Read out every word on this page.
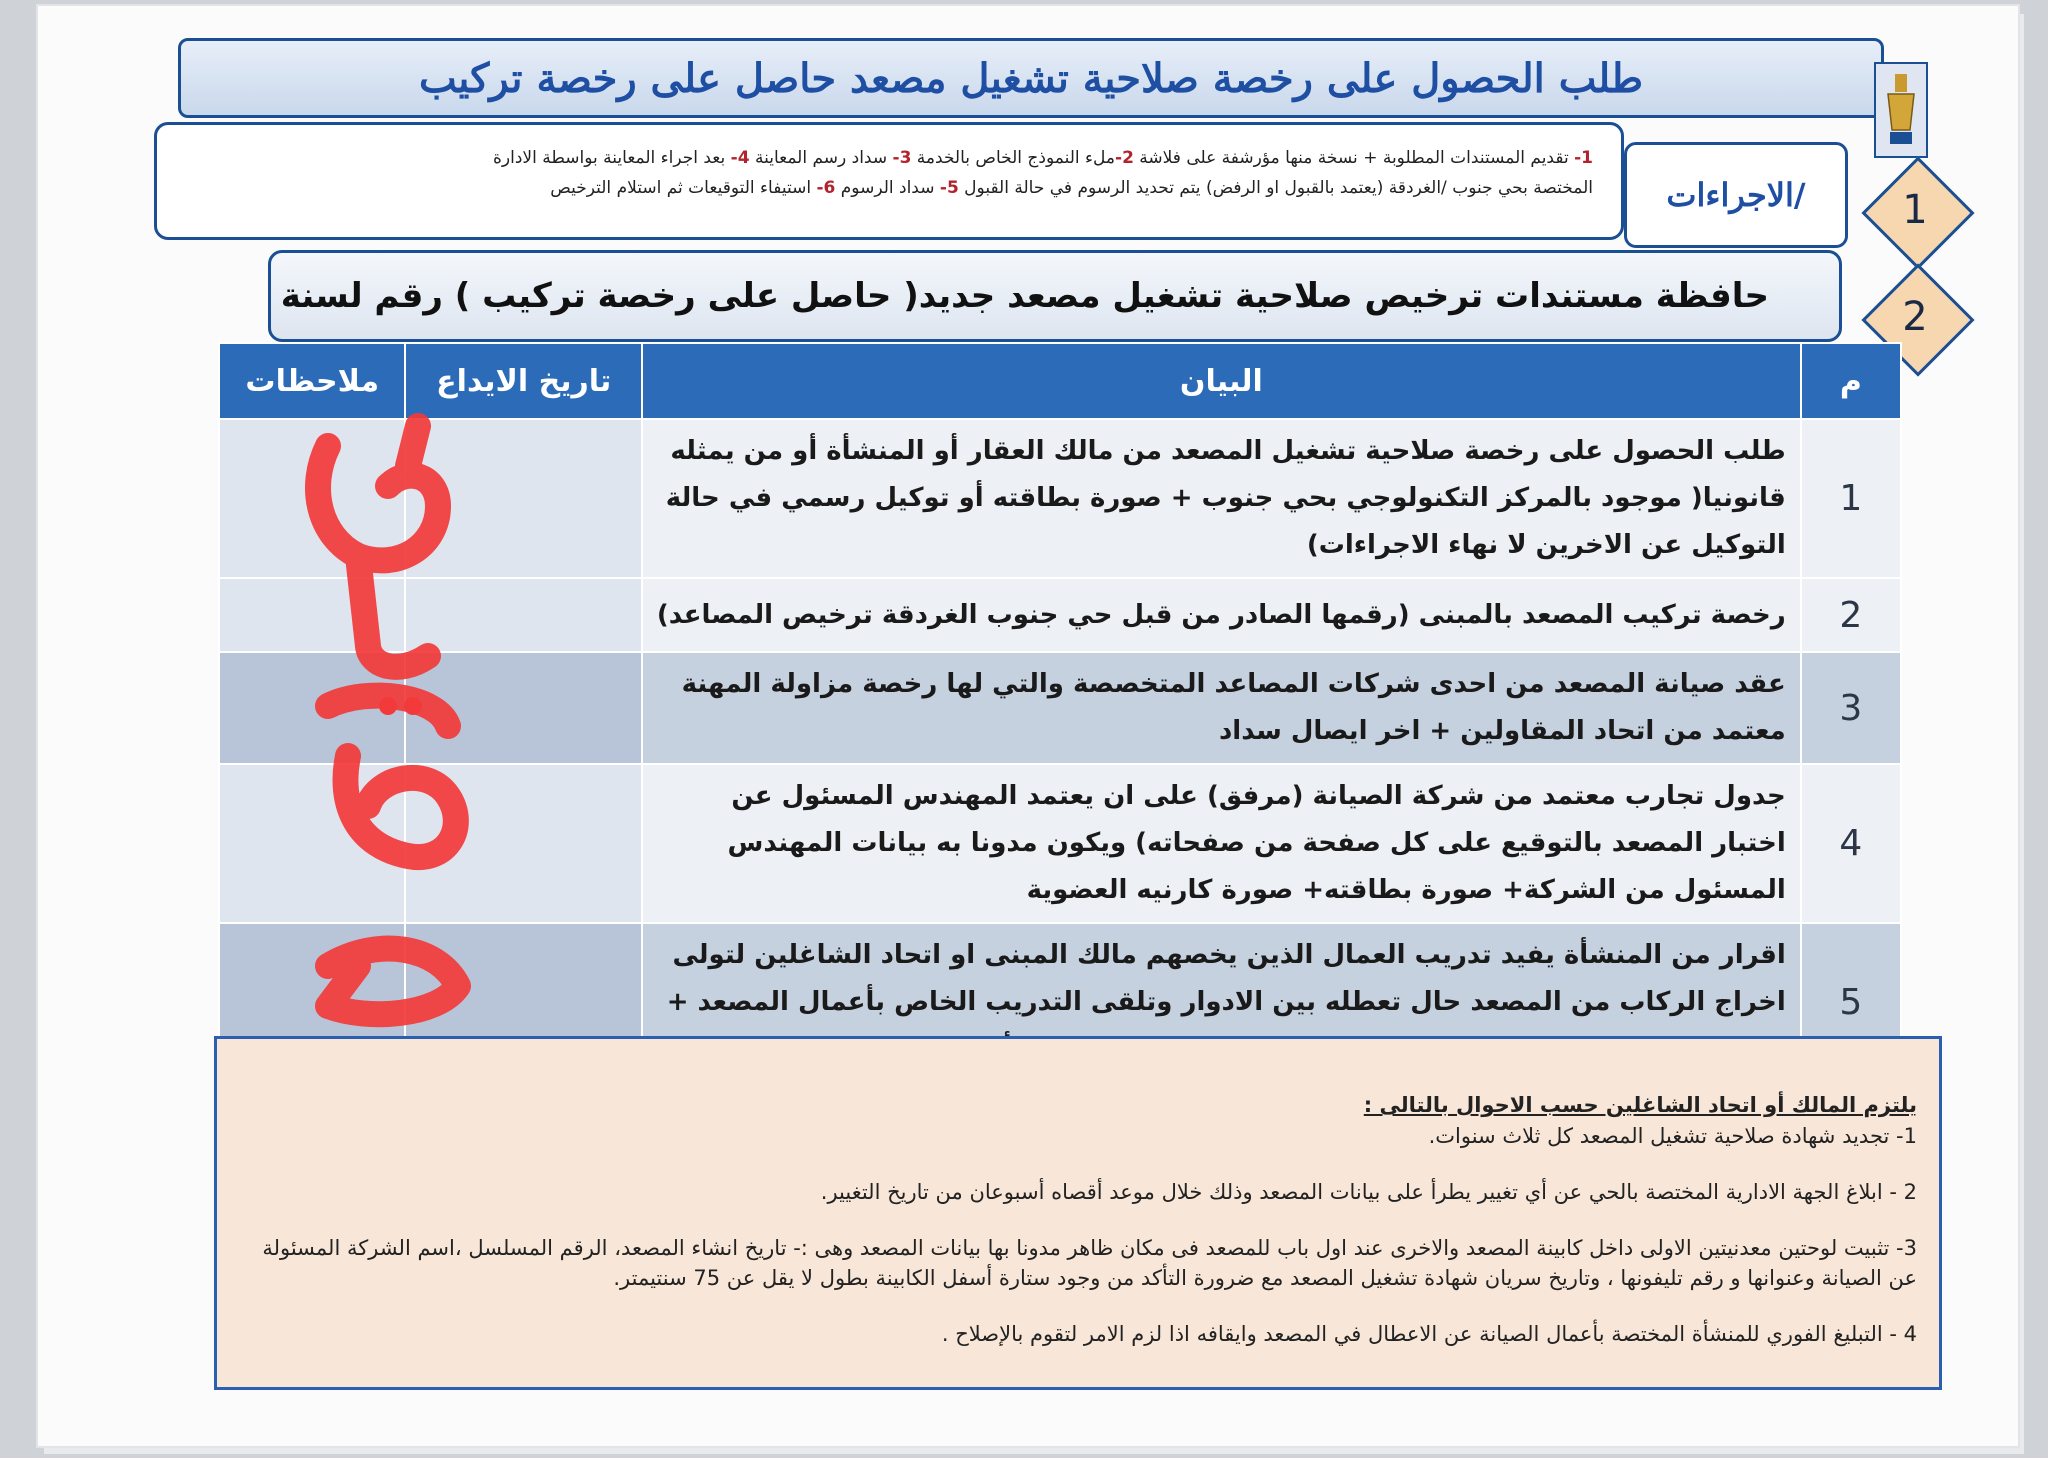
طلب الحصول على رخصة صلاحية تشغيل مصعد حاصل على رخصة تركيب
1
الاجراءات/
1- تقديم المستندات المطلوبة + نسخة منها مؤرشفة على فلاشة 2-ملء النموذج الخاص بالخدمة 3- سداد رسم المعاينة 4- بعد اجراء المعاينة بواسطة الادارة
المختصة بحي جنوب /الغردقة (يعتمد بالقبول او الرفض) يتم تحديد الرسوم في حالة القبول 5- سداد الرسوم 6- استيفاء التوقيعات ثم استلام الترخيص
2
حافظة مستندات ترخيص صلاحية تشغيل مصعد جديد( حاصل على رخصة تركيب ) رقم لسنة
م	البيان	تاريخ الايداع	ملاحظات
1	طلب الحصول على رخصة صلاحية تشغيل المصعد من مالك العقار أو المنشأة أو من يمثله قانونيا( موجود بالمركز التكنولوجي بحي جنوب + صورة بطاقته أو توكيل رسمي في حالة التوكيل عن الاخرين لا نهاء الاجراءات)		
2	رخصة تركيب المصعد بالمبنى (رقمها الصادر من قبل حي جنوب الغردقة ترخيص المصاعد)		
3	عقد صيانة المصعد من احدى شركات المصاعد المتخصصة والتي لها رخصة مزاولة المهنة معتمد من اتحاد المقاولين + اخر ايصال سداد		
4	جدول تجارب معتمد من شركة الصيانة (مرفق) على ان يعتمد المهندس المسئول عن اختبار المصعد بالتوقيع على كل صفحة من صفحاته) ويكون مدونا به بيانات المهندس المسئول من الشركة+ صورة بطاقته+ صورة كارنيه العضوية		
5	اقرار من المنشأة يفيد تدريب العمال الذين يخصهم مالك المبنى او اتحاد الشاغلين لتولى اخراج الركاب من المصعد حال تعطله بين الادوار وتلقى التدريب الخاص بأعمال المصعد +		
يلتزم المالك أو اتحاد الشاغلين حسب الاحوال بالتالى :

1- تجديد شهادة صلاحية تشغيل المصعد كل ثلاث سنوات.

2 - ابلاغ الجهة الادارية المختصة بالحي عن أي تغيير يطرأ على بيانات المصعد وذلك خلال موعد أقصاه أسبوعان من تاريخ التغيير.

3- تثبيت لوحتين معدنيتين الاولى داخل كابينة المصعد والاخرى عند اول باب للمصعد فى مكان ظاهر مدونا بها بيانات المصعد وهى :- تاريخ انشاء المصعد، الرقم المسلسل ،اسم الشركة المسئولة عن الصيانة وعنوانها و رقم تليفونها ، وتاريخ سريان شهادة تشغيل المصعد مع ضرورة التأكد من وجود ستارة أسفل الكابينة بطول لا يقل عن 75 سنتيمتر.

4 - التبليغ الفوري للمنشأة المختصة بأعمال الصيانة عن الاعطال في المصعد وايقافه اذا لزم الامر لتقوم بالإصلاح .
